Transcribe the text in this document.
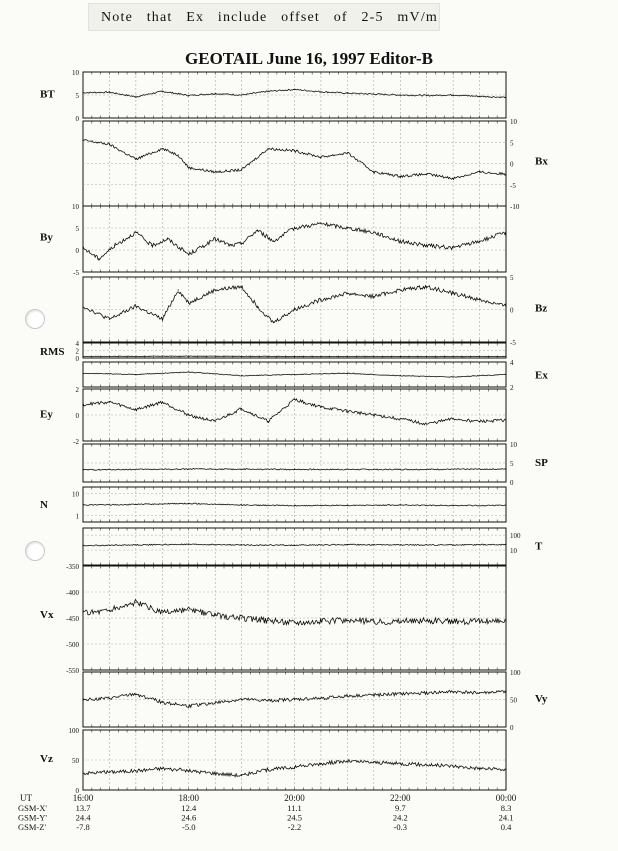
Note that Ex include offset of 2-5 mV/m
GEOTAIL June 16, 1997 Editor-B
10
5
0
BT
10
5
0
-5
-10
Bx
10
5
0
-5
By
5
0
-5
Bz
4
2
0
RMS
4
2
Ex
2
0
-2
Ey
10
5
0
SP
10
1
N
100
10 T
-350
-400
-450
-500
-550
Vx
100
50
0
Vy
100
50
0
Vz
16:00	18:00	20:00	22:00	00:00
UT
GSM-X'	13.7	12.4	11.1	9.7	8.3
GSM-Y'	24.4	24.6	24.5	24.2	24.1
GSM-Z'	-7.8	-5.0	-2.2	-0.3	0.4
